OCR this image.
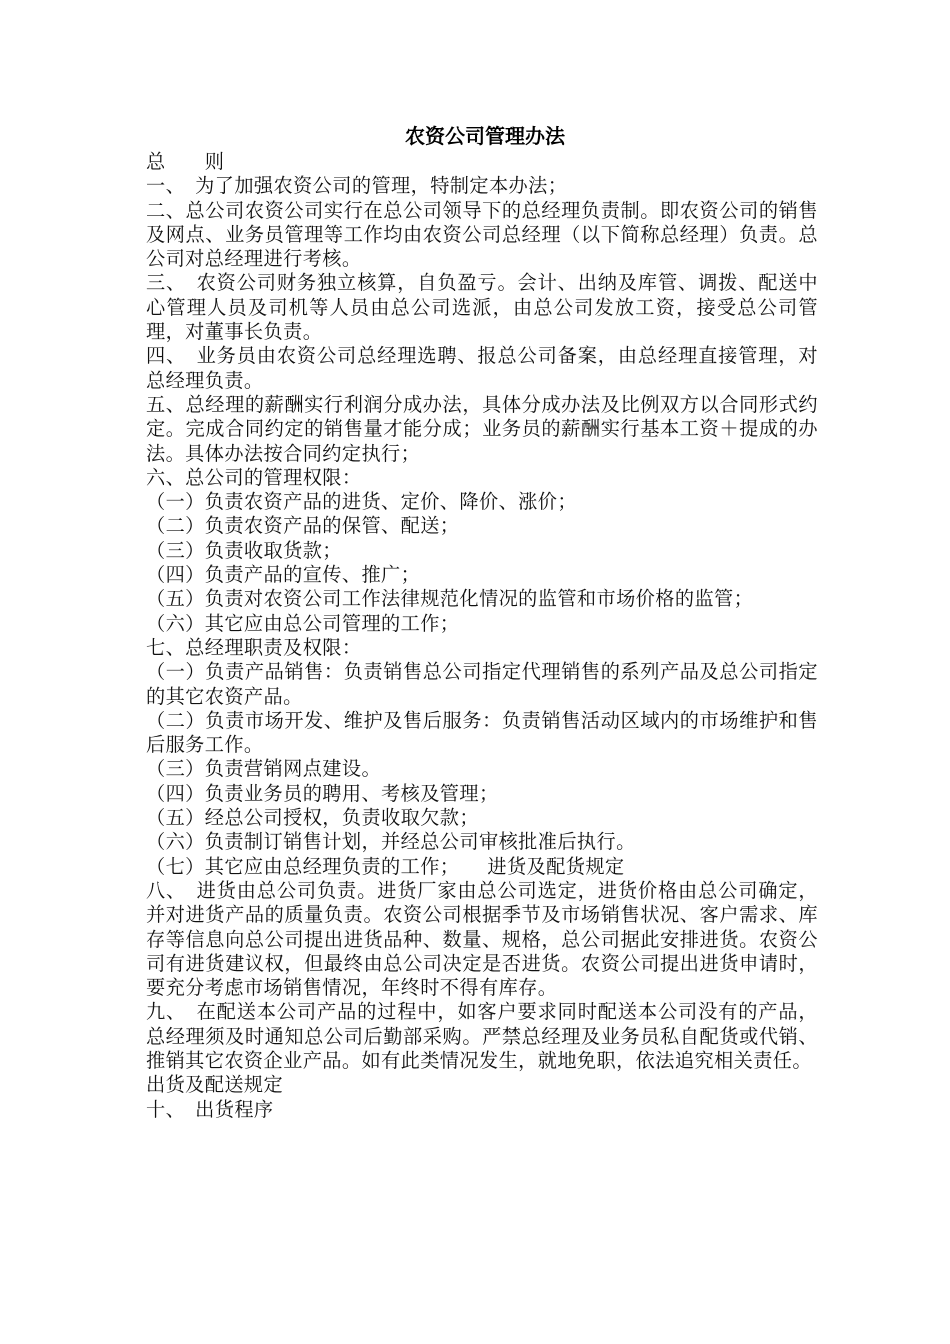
农资公司管理办法

总　　则

一、　为了加强农资公司的管理，特制定本办法；

二、总公司农资公司实行在总公司领导下的总经理负责制。即农资公司的销售及网点、业务员管理等工作均由农资公司总经理（以下简称总经理）负责。总公司对总经理进行考核。

三、　农资公司财务独立核算，自负盈亏。会计、出纳及库管、调拨、配送中心管理人员及司机等人员由总公司选派，由总公司发放工资，接受总公司管理，对董事长负责。

四、　业务员由农资公司总经理选聘、报总公司备案，由总经理直接管理，对总经理负责。

五、总经理的薪酬实行利润分成办法，具体分成办法及比例双方以合同形式约定。完成合同约定的销售量才能分成；业务员的薪酬实行基本工资＋提成的办法。具体办法按合同约定执行；

六、总公司的管理权限：

（一）负责农资产品的进货、定价、降价、涨价；

（二）负责农资产品的保管、配送；

（三）负责收取货款；

（四）负责产品的宣传、推广；

（五）负责对农资公司工作法律规范化情况的监管和市场价格的监管；

（六）其它应由总公司管理的工作；

七、总经理职责及权限：

（一）负责产品销售：负责销售总公司指定代理销售的系列产品及总公司指定的其它农资产品。

（二）负责市场开发、维护及售后服务：负责销售活动区域内的市场维护和售后服务工作。

（三）负责营销网点建设。

（四）负责业务员的聘用、考核及管理；

（五）经总公司授权，负责收取欠款；

（六）负责制订销售计划，并经总公司审核批准后执行。

（七）其它应由总经理负责的工作； 进货及配货规定

八、　进货由总公司负责。进货厂家由总公司选定，进货价格由总公司确定，并对进货产品的质量负责。农资公司根据季节及市场销售状况、客户需求、库存等信息向总公司提出进货品种、数量、规格，总公司据此安排进货。农资公司有进货建议权，但最终由总公司决定是否进货。农资公司提出进货申请时，要充分考虑市场销售情况，年终时不得有库存。

九、　在配送本公司产品的过程中，如客户要求同时配送本公司没有的产品，总经理须及时通知总公司后勤部采购。严禁总经理及业务员私自配货或代销、推销其它农资企业产品。如有此类情况发生，就地免职，依法追究相关责任。

出货及配送规定

十、　出货程序
